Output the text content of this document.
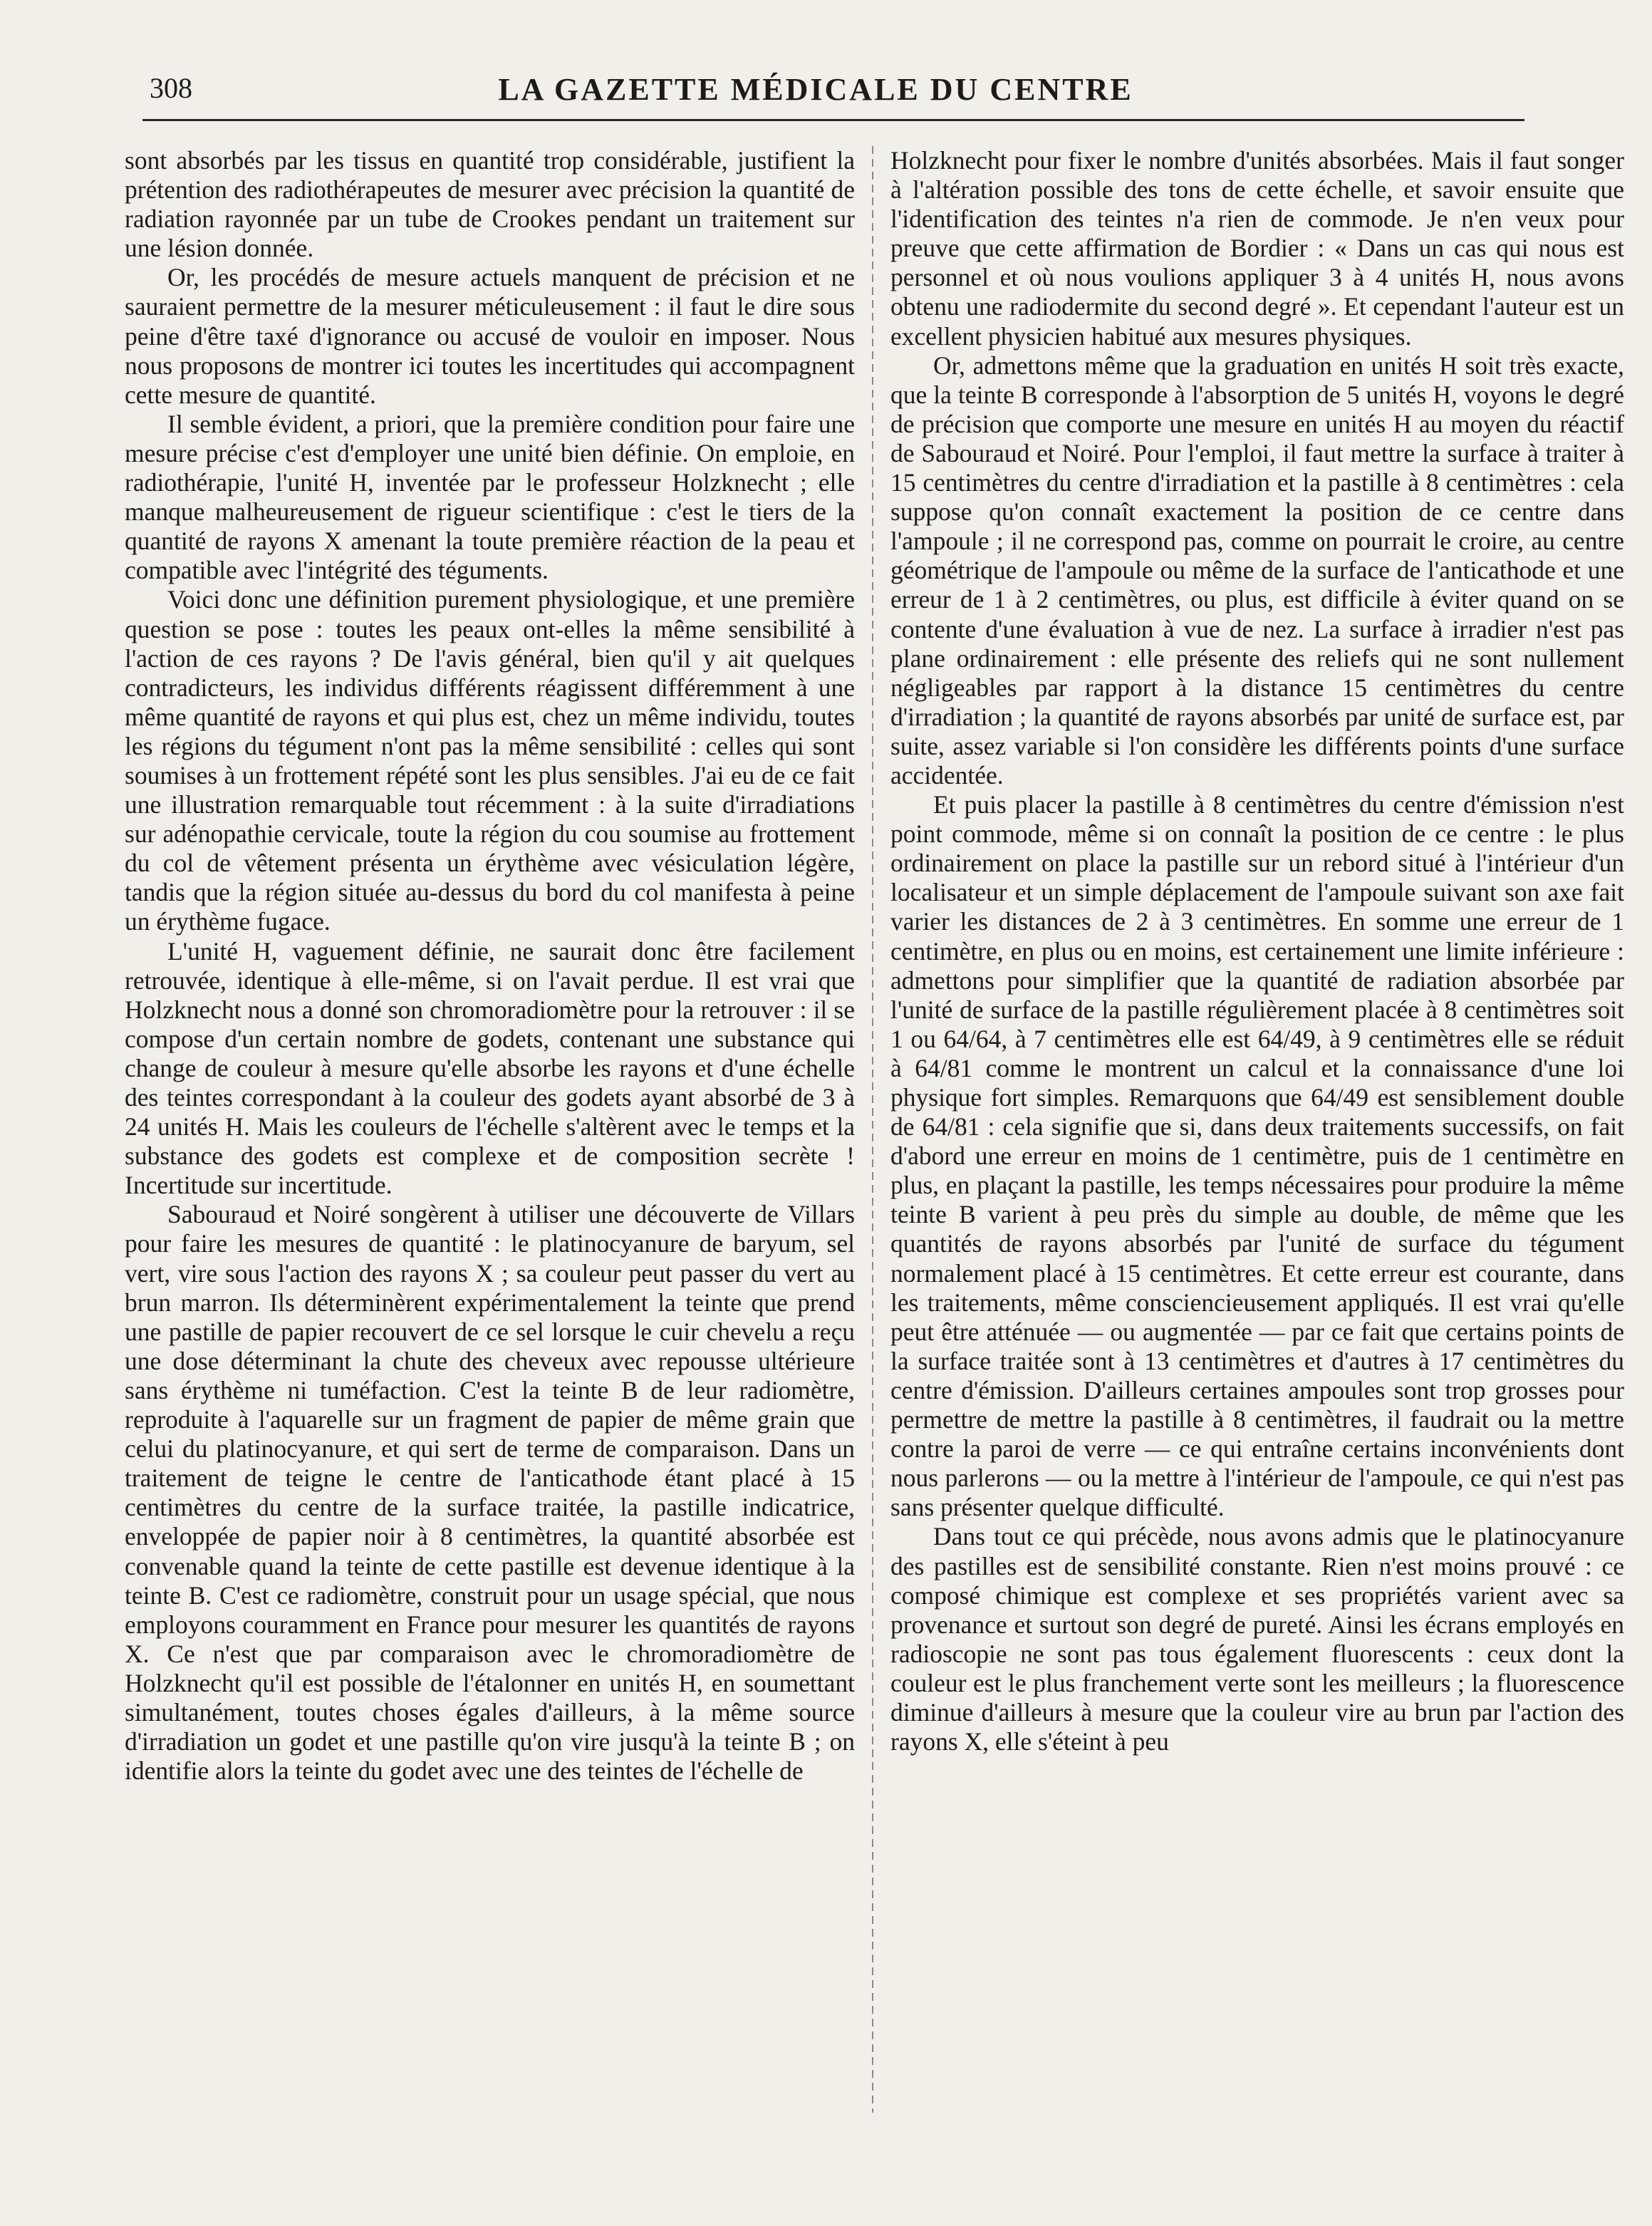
308	LA GAZETTE MÉDICALE DU CENTRE

sont absorbés par les tissus en quantité trop considérable, justifient la prétention des radiothérapeutes de mesurer avec précision la quantité de radiation rayonnée par un tube de Crookes pendant un traitement sur une lésion donnée.

Or, les procédés de mesure actuels manquent de précision et ne sauraient permettre de la mesurer méticuleusement : il faut le dire sous peine d'être taxé d'ignorance ou accusé de vouloir en imposer. Nous nous proposons de montrer ici toutes les incertitudes qui accompagnent cette mesure de quantité.

Il semble évident, a priori, que la première condition pour faire une mesure précise c'est d'employer une unité bien définie. On emploie, en radiothérapie, l'unité H, inventée par le professeur Holzknecht ; elle manque malheureusement de rigueur scientifique : c'est le tiers de la quantité de rayons X amenant la toute première réaction de la peau et compatible avec l'intégrité des téguments.

Voici donc une définition purement physiologique, et une première question se pose : toutes les peaux ont-elles la même sensibilité à l'action de ces rayons ? De l'avis général, bien qu'il y ait quelques contradicteurs, les individus différents réagissent différemment à une même quantité de rayons et qui plus est, chez un même individu, toutes les régions du tégument n'ont pas la même sensibilité : celles qui sont soumises à un frottement répété sont les plus sensibles. J'ai eu de ce fait une illustration remarquable tout récemment : à la suite d'irradiations sur adénopathie cervicale, toute la région du cou soumise au frottement du col de vêtement présenta un érythème avec vésiculation légère, tandis que la région située au-dessus du bord du col manifesta à peine un érythème fugace.

L'unité H, vaguement définie, ne saurait donc être facilement retrouvée, identique à elle-même, si on l'avait perdue. Il est vrai que Holzknecht nous a donné son chromoradiomètre pour la retrouver : il se compose d'un certain nombre de godets, contenant une substance qui change de couleur à mesure qu'elle absorbe les rayons et d'une échelle des teintes correspondant à la couleur des godets ayant absorbé de 3 à 24 unités H. Mais les couleurs de l'échelle s'altèrent avec le temps et la substance des godets est complexe et de composition secrète ! Incertitude sur incertitude.

Sabouraud et Noiré songèrent à utiliser une découverte de Villars pour faire les mesures de quantité : le platinocyanure de baryum, sel vert, vire sous l'action des rayons X ; sa couleur peut passer du vert au brun marron. Ils déterminèrent expérimentalement la teinte que prend une pastille de papier recouvert de ce sel lorsque le cuir chevelu a reçu une dose déterminant la chute des cheveux avec repousse ultérieure sans érythème ni tuméfaction. C'est la teinte B de leur radiomètre, reproduite à l'aquarelle sur un fragment de papier de même grain que celui du platinocyanure, et qui sert de terme de comparaison. Dans un traitement de teigne le centre de l'anticathode étant placé à 15 centimètres du centre de la surface traitée, la pastille indicatrice, enveloppée de papier noir à 8 centimètres, la quantité absorbée est convenable quand la teinte de cette pastille est devenue identique à la teinte B. C'est ce radiomètre, construit pour un usage spécial, que nous employons couramment en France pour mesurer les quantités de rayons X. Ce n'est que par comparaison avec le chromoradiomètre de Holzknecht qu'il est possible de l'étalonner en unités H, en soumettant simultanément, toutes choses égales d'ailleurs, à la même source d'irradiation un godet et une pastille qu'on vire jusqu'à la teinte B ; on identifie alors la teinte du godet avec une des teintes de l'échelle de

Holzknecht pour fixer le nombre d'unités absorbées. Mais il faut songer à l'altération possible des tons de cette échelle, et savoir ensuite que l'identification des teintes n'a rien de commode. Je n'en veux pour preuve que cette affirmation de Bordier : « Dans un cas qui nous est personnel et où nous voulions appliquer 3 à 4 unités H, nous avons obtenu une radiodermite du second degré ». Et cependant l'auteur est un excellent physicien habitué aux mesures physiques.

Or, admettons même que la graduation en unités H soit très exacte, que la teinte B corresponde à l'absorption de 5 unités H, voyons le degré de précision que comporte une mesure en unités H au moyen du réactif de Sabouraud et Noiré. Pour l'emploi, il faut mettre la surface à traiter à 15 centimètres du centre d'irradiation et la pastille à 8 centimètres : cela suppose qu'on connaît exactement la position de ce centre dans l'ampoule ; il ne correspond pas, comme on pourrait le croire, au centre géométrique de l'ampoule ou même de la surface de l'anticathode et une erreur de 1 à 2 centimètres, ou plus, est difficile à éviter quand on se contente d'une évaluation à vue de nez. La surface à irradier n'est pas plane ordinairement : elle présente des reliefs qui ne sont nullement négligeables par rapport à la distance 15 centimètres du centre d'irradiation ; la quantité de rayons absorbés par unité de surface est, par suite, assez variable si l'on considère les différents points d'une surface accidentée.

Et puis placer la pastille à 8 centimètres du centre d'émission n'est point commode, même si on connaît la position de ce centre : le plus ordinairement on place la pastille sur un rebord situé à l'intérieur d'un localisateur et un simple déplacement de l'ampoule suivant son axe fait varier les distances de 2 à 3 centimètres. En somme une erreur de 1 centimètre, en plus ou en moins, est certainement une limite inférieure : admettons pour simplifier que la quantité de radiation absorbée par l'unité de surface de la pastille régulièrement placée à 8 centimètres soit 1 ou 64/64, à 7 centimètres elle est 64/49, à 9 centimètres elle se réduit à 64/81 comme le montrent un calcul et la connaissance d'une loi physique fort simples. Remarquons que 64/49 est sensiblement double de 64/81 : cela signifie que si, dans deux traitements successifs, on fait d'abord une erreur en moins de 1 centimètre, puis de 1 centimètre en plus, en plaçant la pastille, les temps nécessaires pour produire la même teinte B varient à peu près du simple au double, de même que les quantités de rayons absorbés par l'unité de surface du tégument normalement placé à 15 centimètres. Et cette erreur est courante, dans les traitements, même consciencieusement appliqués. Il est vrai qu'elle peut être atténuée — ou augmentée — par ce fait que certains points de la surface traitée sont à 13 centimètres et d'autres à 17 centimètres du centre d'émission. D'ailleurs certaines ampoules sont trop grosses pour permettre de mettre la pastille à 8 centimètres, il faudrait ou la mettre contre la paroi de verre — ce qui entraîne certains inconvénients dont nous parlerons — ou la mettre à l'intérieur de l'ampoule, ce qui n'est pas sans présenter quelque difficulté.

Dans tout ce qui précède, nous avons admis que le platinocyanure des pastilles est de sensibilité constante. Rien n'est moins prouvé : ce composé chimique est complexe et ses propriétés varient avec sa provenance et surtout son degré de pureté. Ainsi les écrans employés en radioscopie ne sont pas tous également fluorescents : ceux dont la couleur est le plus franchement verte sont les meilleurs ; la fluorescence diminue d'ailleurs à mesure que la couleur vire au brun par l'action des rayons X, elle s'éteint à peu
